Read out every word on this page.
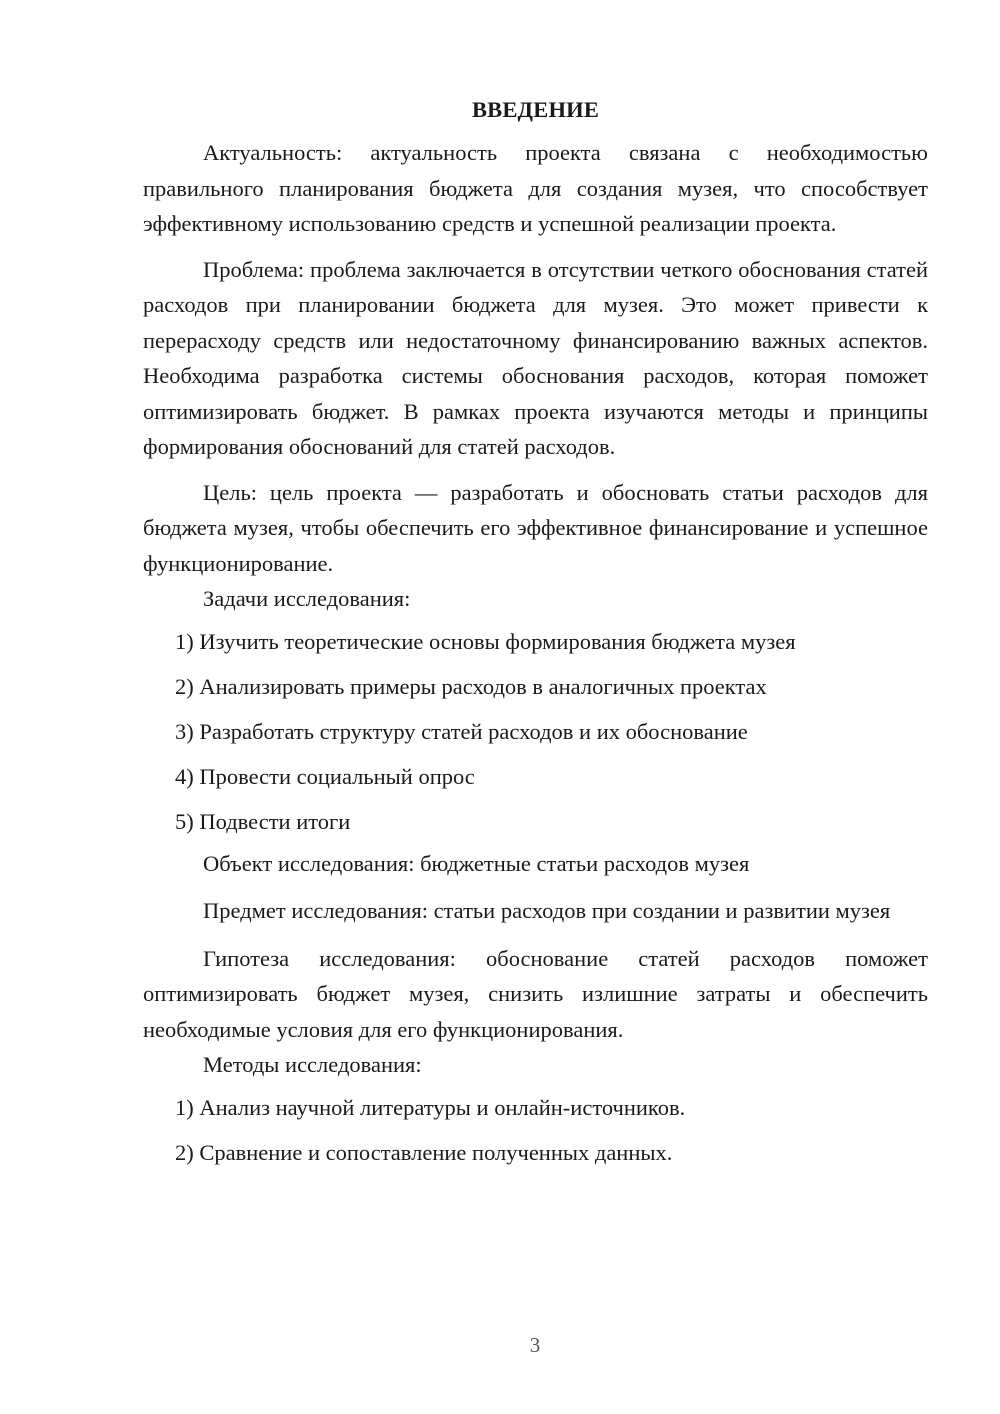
ВВЕДЕНИЕ

Актуальность: актуальность проекта связана с необходимостью правильного планирования бюджета для создания музея, что способствует эффективному использованию средств и успешной реализации проекта.

Проблема: проблема заключается в отсутствии четкого обоснования статей расходов при планировании бюджета для музея. Это может привести к перерасходу средств или недостаточному финансированию важных аспектов. Необходима разработка системы обоснования расходов, которая поможет оптимизировать бюджет. В рамках проекта изучаются методы и принципы формирования обоснований для статей расходов.

Цель: цель проекта — разработать и обосновать статьи расходов для бюджета музея, чтобы обеспечить его эффективное финансирование и успешное функционирование.

Задачи исследования:

1) Изучить теоретические основы формирования бюджета музея

2) Анализировать примеры расходов в аналогичных проектах

3) Разработать структуру статей расходов и их обоснование

4) Провести социальный опрос

5) Подвести итоги

Объект исследования: бюджетные статьи расходов музея

Предмет исследования: статьи расходов при создании и развитии музея

Гипотеза исследования: обоснование статей расходов поможет оптимизировать бюджет музея, снизить излишние затраты и обеспечить необходимые условия для его функционирования.

Методы исследования:

1) Анализ научной литературы и онлайн-источников.

2) Сравнение и сопоставление полученных данных.

3
